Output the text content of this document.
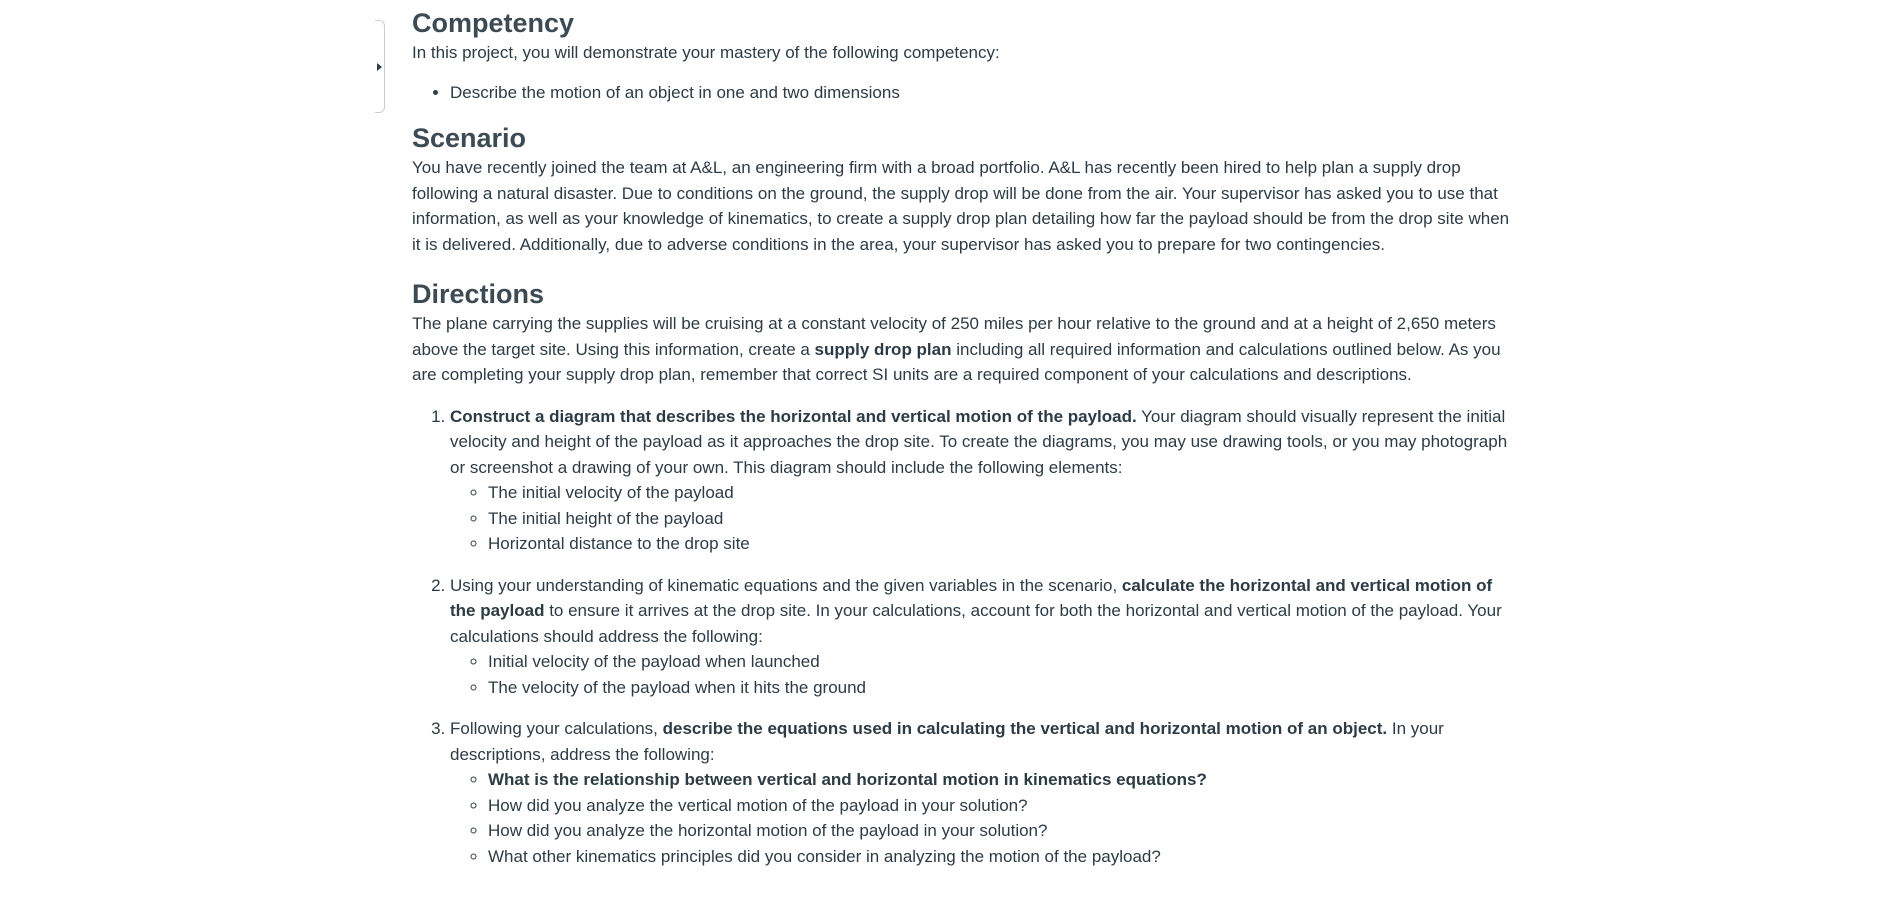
Competency

In this project, you will demonstrate your mastery of the following competency:

• Describe the motion of an object in one and two dimensions
Scenario

You have recently joined the team at A&L, an engineering firm with a broad portfolio. A&L has recently been hired to help plan a supply drop following a natural disaster. Due to conditions on the ground, the supply drop will be done from the air. Your supervisor has asked you to use that information, as well as your knowledge of kinematics, to create a supply drop plan detailing how far the payload should be from the drop site when it is delivered. Additionally, due to adverse conditions in the area, your supervisor has asked you to prepare for two contingencies.

Directions

The plane carrying the supplies will be cruising at a constant velocity of 250 miles per hour relative to the ground and at a height of 2,650 meters above the target site. Using this information, create a supply drop plan including all required information and calculations outlined below. As you are completing your supply drop plan, remember that correct SI units are a required component of your calculations and descriptions.

1. Construct a diagram that describes the horizontal and vertical motion of the payload. Your diagram should visually represent the initial velocity and height of the payload as it approaches the drop site. To create the diagrams, you may use drawing tools, or you may photograph or screenshot a drawing of your own. This diagram should include the following elements:
◦ The initial velocity of the payload
◦ The initial height of the payload
◦ Horizontal distance to the drop site
2. Using your understanding of kinematic equations and the given variables in the scenario, calculate the horizontal and vertical motion of the payload to ensure it arrives at the drop site. In your calculations, account for both the horizontal and vertical motion of the payload. Your calculations should address the following:
◦ Initial velocity of the payload when launched
◦ The velocity of the payload when it hits the ground
3. Following your calculations, describe the equations used in calculating the vertical and horizontal motion of an object. In your descriptions, address the following:
◦ What is the relationship between vertical and horizontal motion in kinematics equations?
◦ How did you analyze the vertical motion of the payload in your solution?
◦ How did you analyze the horizontal motion of the payload in your solution?
◦ What other kinematics principles did you consider in analyzing the motion of the payload?
